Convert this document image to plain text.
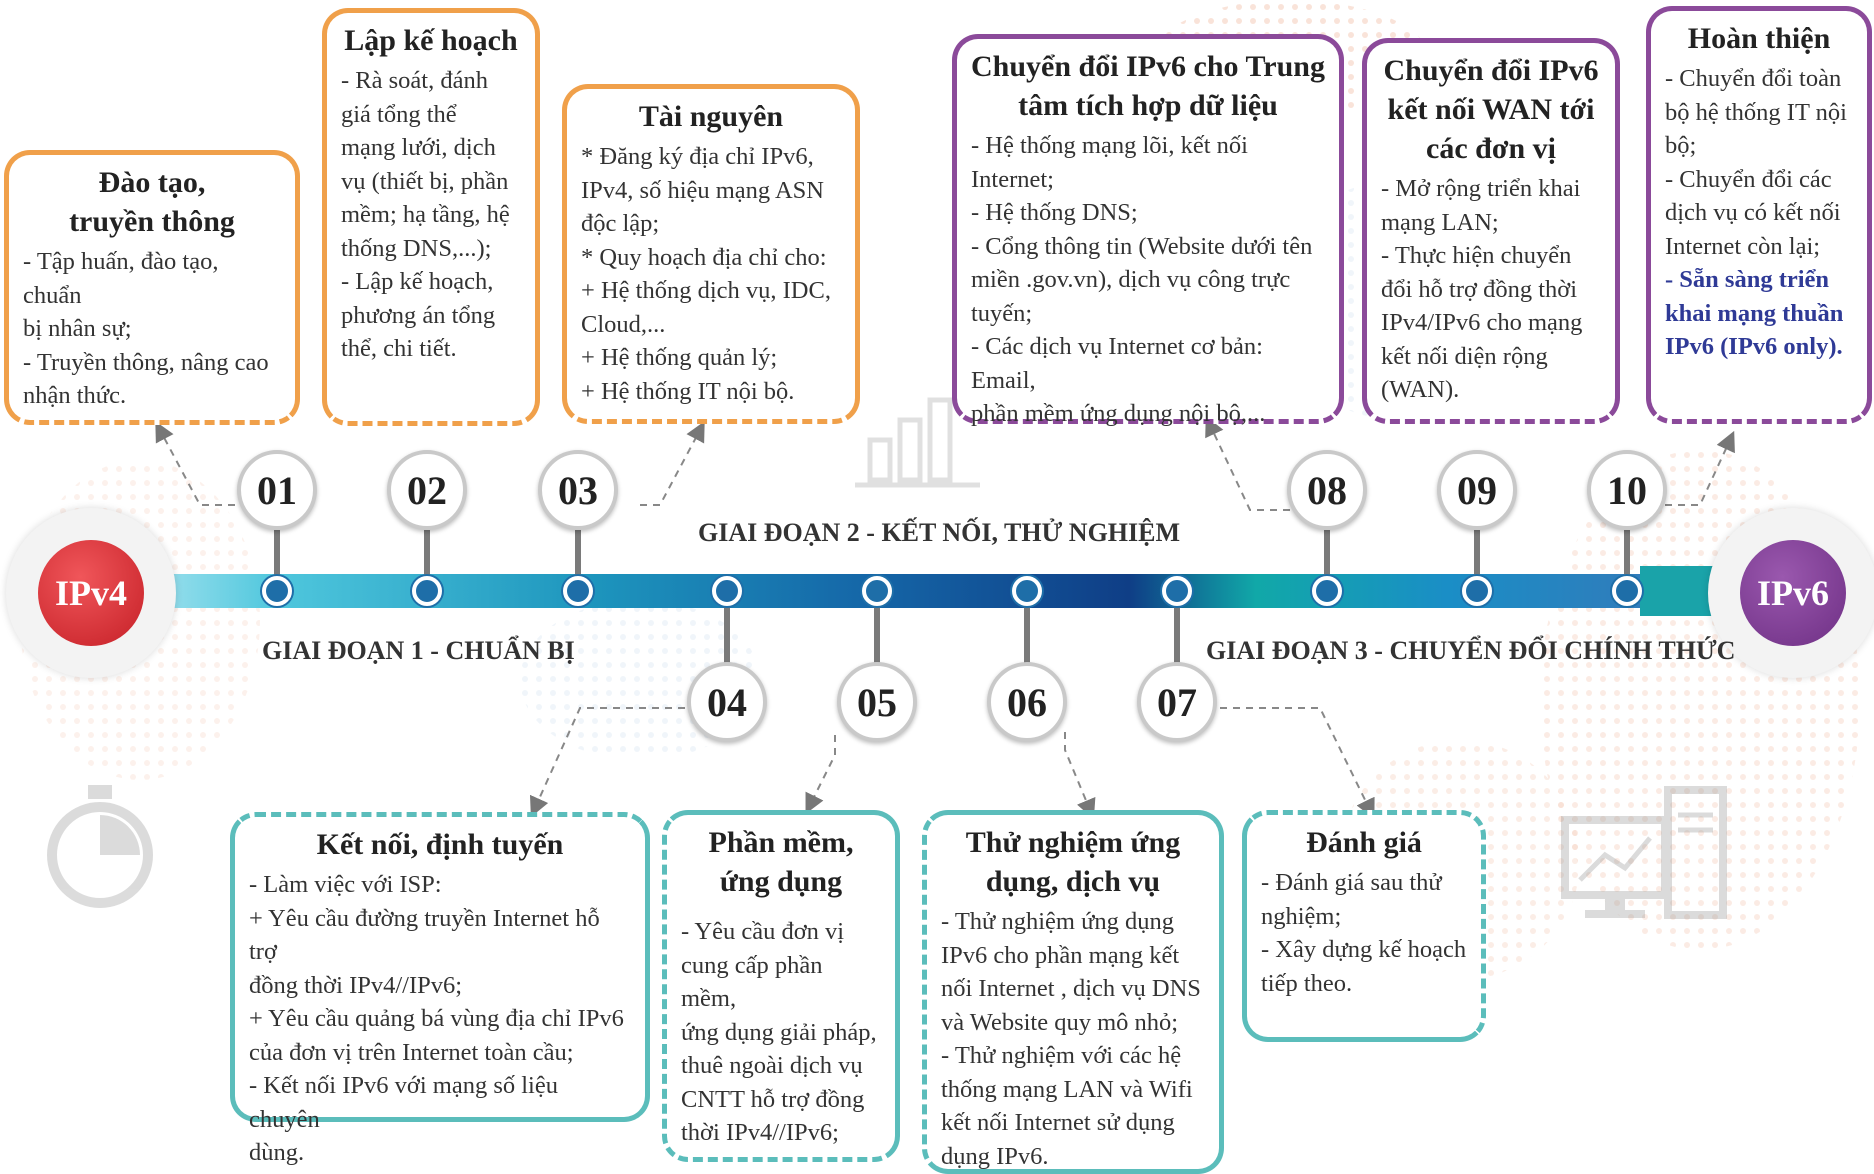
IPv4	IPv6
GIAI ĐOẠN 1 - CHUẨN BỊ
GIAI ĐOẠN 2 - KẾT NỐI, THỬ NGHIỆM
GIAI ĐOẠN 3 - CHUYỂN ĐỔI CHÍNH THỨC
01	02	03
04	05	06	07
08	09	10
Đào tạo,
truyền thông
- Tập huấn, đào tạo, chuẩn
bị nhân sự;
- Truyền thông, nâng cao
nhận thức.
Lập kế hoạch
- Rà soát, đánh
giá tổng thể
mạng lưới, dịch
vụ (thiết bị, phần
mềm; hạ tầng, hệ
thống DNS,...);
- Lập kế hoạch,
phương án tổng
thể, chi tiết.
Tài nguyên
* Đăng ký địa chỉ IPv6,
IPv4, số hiệu mạng ASN
độc lập;
* Quy hoạch địa chỉ cho:
+ Hệ thống dịch vụ, IDC,
Cloud,...
+ Hệ thống quản lý;
+ Hệ thống IT nội bộ.
Chuyển đổi IPv6 cho Trung
tâm tích hợp dữ liệu
- Hệ thống mạng lõi, kết nối Internet;
- Hệ thống DNS;
- Cổng thông tin (Website dưới tên
miền .gov.vn), dịch vụ công trực
tuyến;
- Các dịch vụ Internet cơ bản: Email,
phần mềm ứng dụng nội bộ,...
Chuyển đổi IPv6
kết nối WAN tới
các đơn vị
- Mở rộng triển khai
mạng LAN;
- Thực hiện chuyển
đổi hỗ trợ đồng thời
IPv4/IPv6 cho mạng
kết nối diện rộng
(WAN).
Hoàn thiện
- Chuyển đổi toàn
bộ hệ thống IT nội
bộ;
- Chuyển đổi các
dịch vụ có kết nối
Internet còn lại;
- Sẵn sàng triển
khai mạng thuần
IPv6 (IPv6 only).
Kết nối, định tuyến
- Làm việc với ISP:
+ Yêu cầu đường truyền Internet hỗ trợ
đồng thời IPv4//IPv6;
+ Yêu cầu quảng bá vùng địa chỉ IPv6
của đơn vị trên Internet toàn cầu;
- Kết nối IPv6 với mạng số liệu chuyên
dùng.
Phần mềm,
ứng dụng
- Yêu cầu đơn vị
cung cấp phần mềm,
ứng dụng giải pháp,
thuê ngoài dịch vụ
CNTT hỗ trợ đồng
thời IPv4//IPv6;
Thử nghiệm ứng
dụng, dịch vụ
- Thử nghiệm ứng dụng
IPv6 cho phần mạng kết
nối Internet , dịch vụ DNS
và Website quy mô nhỏ;
- Thử nghiệm với các hệ
thống mạng LAN và Wifi
kết nối Internet sử dụng
dụng IPv6.
Đánh giá
- Đánh giá sau thử
nghiệm;
- Xây dựng kế hoạch
tiếp theo.
